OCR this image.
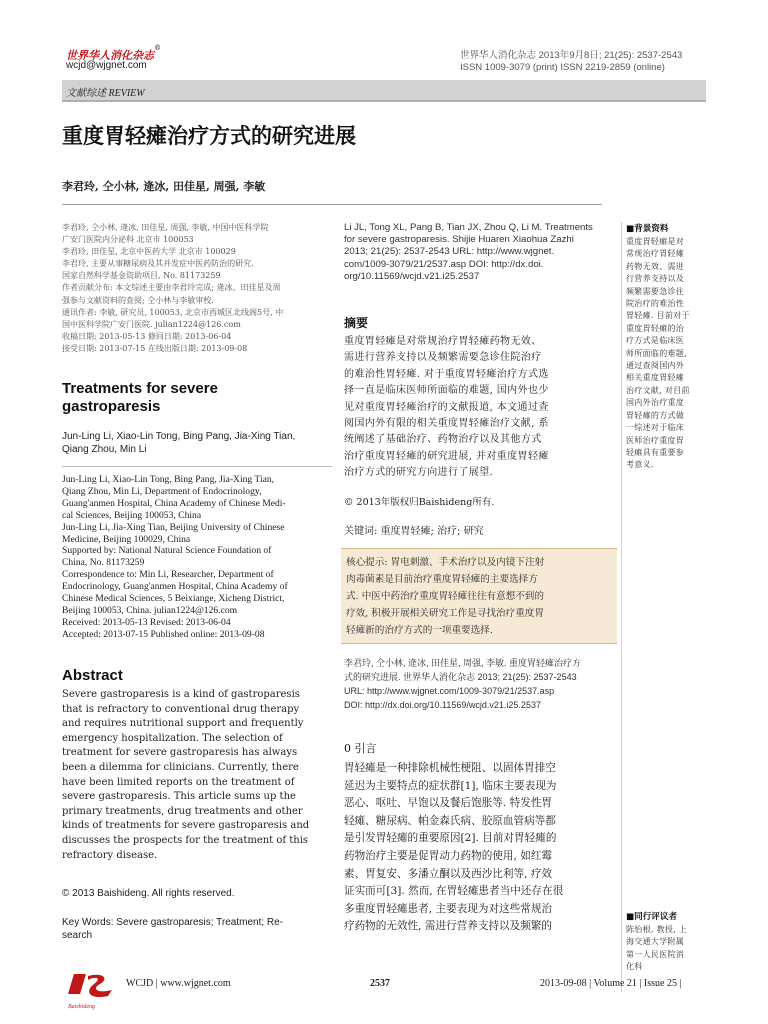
世界华人消化杂志®
wcjd@wjgnet.com
世界华人消化杂志 2013年9月8日; 21(25): 2537-2543
ISSN 1009-3079 (print) ISSN 2219-2859 (online)
文献综述 REVIEW
重度胃轻瘫治疗方式的研究进展
李君玲, 仝小林, 逄冰, 田佳星, 周强, 李敏
李君玲, 仝小林, 逄冰, 田佳星, 周强, 李敏, 中国中医科学院
广安门医院内分泌科 北京市 100053
李君玲, 田佳星, 北京中医药大学 北京市 100029
李君玲, 主要从事糖尿病及其并发症中医药防治的研究.
国家自然科学基金资助项目, No. 81173259
作者贡献分布: 本文综述主要由李君玲完成; 逄冰、田佳星及周
强参与文献资料的查阅; 仝小林与李敏审校.
通讯作者: 李敏, 研究员, 100053, 北京市西城区北线阁5号, 中
国中医科学院广安门医院. julian1224@126.com
收稿日期: 2013-05-13 修回日期: 2013-06-04
接受日期: 2013-07-15 在线出版日期: 2013-09-08
Treatments for severe
gastroparesis
Jun-Ling Li, Xiao-Lin Tong, Bing Pang, Jia-Xing Tian,
Qiang Zhou, Min Li
Jun-Ling Li, Xiao-Lin Tong, Bing Pang, Jia-Xing Tian,
Qiang Zhou, Min Li, Department of Endocrinology,
Guang'anmen Hospital, China Academy of Chinese Medi-
cal Sciences, Beijing 100053, China
Jun-Ling Li, Jia-Xing Tian, Beijing University of Chinese
Medicine, Beijing 100029, China
Supported by: National Natural Science Foundation of
China, No. 81173259
Correspondence to: Min Li, Researcher, Department of
Endocrinology, Guang'anmen Hospital, China Academy of
Chinese Medical Sciences, 5 Beixiange, Xicheng District,
Beijing 100053, China. julian1224@126.com
Received: 2013-05-13 Revised: 2013-06-04
Accepted: 2013-07-15 Published online: 2013-09-08
Abstract
Severe gastroparesis is a kind of gastroparesis
that is refractory to conventional drug therapy
and requires nutritional support and frequently
emergency hospitalization. The selection of
treatment for severe gastroparesis has always
been a dilemma for clinicians. Currently, there
have been limited reports on the treatment of
severe gastroparesis. This article sums up the
primary treatments, drug treatments and other
kinds of treatments for severe gastroparesis and
discusses the prospects for the treatment of this
refractory disease.
© 2013 Baishideng. All rights reserved.
Key Words: Severe gastroparesis; Treatment; Re-
search
Li JL, Tong XL, Pang B, Tian JX, Zhou Q, Li M. Treatments
for severe gastroparesis. Shijie Huaren Xiaohua Zazhi
2013; 21(25): 2537-2543 URL: http://www.wjgnet.
com/1009-3079/21/2537.asp DOI: http://dx.doi.
org/10.11569/wcjd.v21.i25.2537
摘要
重度胃轻瘫是对常规治疗胃轻瘫药物无效、
需进行营养支持以及频繁需要急诊住院治疗
的难治性胃轻瘫. 对于重度胃轻瘫治疗方式选
择一直是临床医师所面临的难题, 国内外也少
见对重度胃轻瘫治疗的文献报道, 本文通过查
阅国内外有限的相关重度胃轻瘫治疗文献, 系
统阐述了基础治疗、药物治疗以及其他方式
治疗重度胃轻瘫的研究进展, 并对重度胃轻瘫
治疗方式的研究方向进行了展望.
© 2013年版权归Baishideng所有.
关键词: 重度胃轻瘫; 治疗; 研究
核心提示: 胃电刺激、手术治疗以及内镜下注射
肉毒菌素是目前治疗重度胃轻瘫的主要选择方
式. 中医中药治疗重度胃轻瘫往往有意想不到的
疗效, 积极开展相关研究工作是寻找治疗重度胃
轻瘫新的治疗方式的一项重要选择.
李君玲, 仝小林, 逄冰, 田佳星, 周强, 李敏. 重度胃轻瘫治疗方
式的研究进展. 世界华人消化杂志 2013; 21(25): 2537-2543
URL: http://www.wjgnet.com/1009-3079/21/2537.asp
DOI: http://dx.doi.org/10.11569/wcjd.v21.i25.2537
0 引言
胃轻瘫是一种排除机械性梗阻、以固体胃排空
延迟为主要特点的症状群[1], 临床主要表现为
恶心、呕吐、早饱以及餐后饱胀等. 特发性胃
轻瘫、糖尿病、帕金森氏病、胶原血管病等都
是引发胃轻瘫的重要原因[2]. 目前对胃轻瘫的
药物治疗主要是促胃动力药物的使用, 如红霉
素、胃复安、多潘立酮以及西沙比利等, 疗效
证实而可[3]. 然而, 在胃轻瘫患者当中还存在很
多重度胃轻瘫患者, 主要表现为对这些常规治
疗药物的无效性, 需进行营养支持以及频繁的
■背景资料
重度胃轻瘫是对
常规治疗胃轻瘫
药物无效、需进
行营养支持以及
频繁需要急诊住
院治疗的难治性
胃轻瘫. 目前对于
重度胃轻瘫的治
疗方式是临床医
师所面临的难题,
通过查阅国内外
相关重度胃轻瘫
治疗文献, 对目前
国内外治疗重度
胃轻瘫的方式做
一综述对于临床
医师治疗重度胃
轻瘫具有重要参
考意义.
■同行评议者
陈怡根, 教授, 上
海交通大学附属
第一人民医院消
化科
Baishideng
WCJD | www.wjgnet.com	2537	2013-09-08 | Volume 21 | Issue 25 |
